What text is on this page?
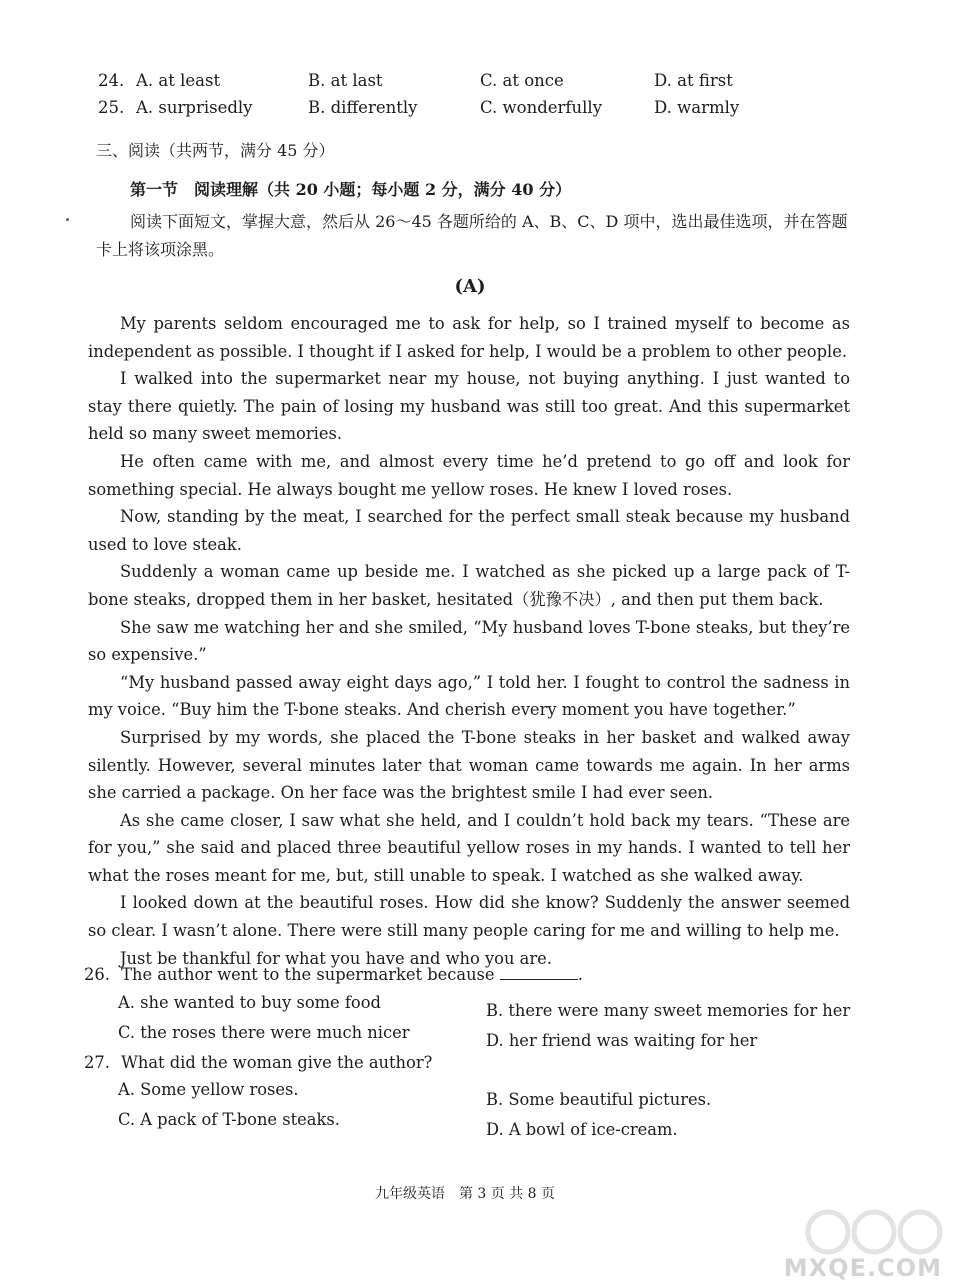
24. A. at least	B. at last	C. at once	D. at first
25. A. surprisedly	B. differently	C. wonderfully	D. warmly
三、阅读（共两节，满分 45 分）
第一节　阅读理解（共 20 小题；每小题 2 分，满分 40 分）
阅读下面短文，掌握大意，然后从 26～45 各题所给的 A、B、C、D 项中，选出最佳选项，并在答题卡上将该项涂黑。
(A)

My parents seldom encouraged me to ask for help, so I trained myself to become as independent as possible. I thought if I asked for help, I would be a problem to other people.

I walked into the supermarket near my house, not buying anything. I just wanted to stay there quietly. The pain of losing my husband was still too great. And this supermarket held so many sweet memories.

He often came with me, and almost every time he’d pretend to go off and look for something special. He always bought me yellow roses. He knew I loved roses.

Now, standing by the meat, I searched for the perfect small steak because my husband used to love steak.

Suddenly a woman came up beside me. I watched as she picked up a large pack of T-bone steaks, dropped them in her basket, hesitated（犹豫不决）, and then put them back.

She saw me watching her and she smiled, “My husband loves T-bone steaks, but they’re so expensive.”

“My husband passed away eight days ago,” I told her. I fought to control the sadness in my voice. “Buy him the T-bone steaks. And cherish every moment you have together.”

Surprised by my words, she placed the T-bone steaks in her basket and walked away silently. However, several minutes later that woman came towards me again. In her arms she carried a package. On her face was the brightest smile I had ever seen.

As she came closer, I saw what she held, and I couldn’t hold back my tears. “These are for you,” she said and placed three beautiful yellow roses in my hands. I wanted to tell her what the roses meant for me, but, still unable to speak. I watched as she walked away.

I looked down at the beautiful roses. How did she know? Suddenly the answer seemed so clear. I wasn’t alone. There were still many people caring for me and willing to help me.

Just be thankful for what you have and who you are.

26. The author went to the supermarket because	.
A. she wanted to buy some food	B. there were many sweet memories for her
C. the roses there were much nicer	D. her friend was waiting for her
27. What did the woman give the author?
A. Some yellow roses.
B. Some beautiful pictures.
C. A pack of T-bone steaks.
D. A bowl of ice-cream.
九年级英语　第 3 页 共 8 页
MXQE.COM
